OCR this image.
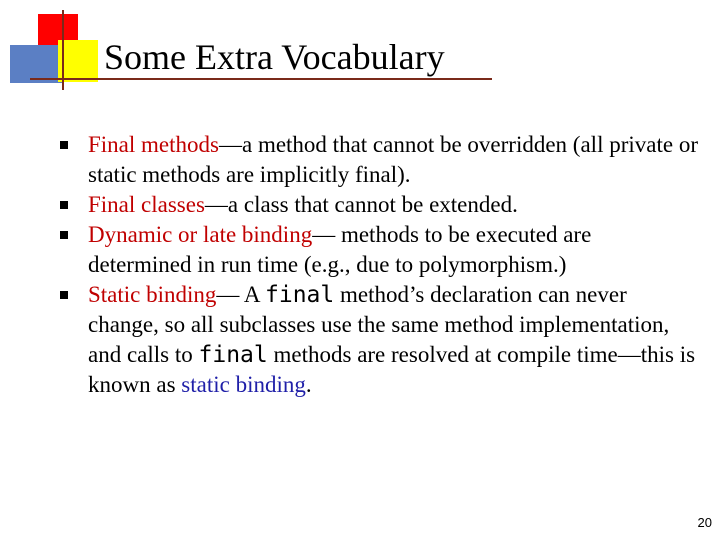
Some Extra Vocabulary
Final methods—a method that cannot be overridden (all private or static methods are implicitly final).
Final classes—a class that cannot be extended.
Dynamic or late binding— methods to be executed are determined in run time (e.g., due to polymorphism.)
Static binding— A final method’s declaration can never change, so all subclasses use the same method implementation, and calls to final methods are resolved at compile time—this is known as static binding.
20
